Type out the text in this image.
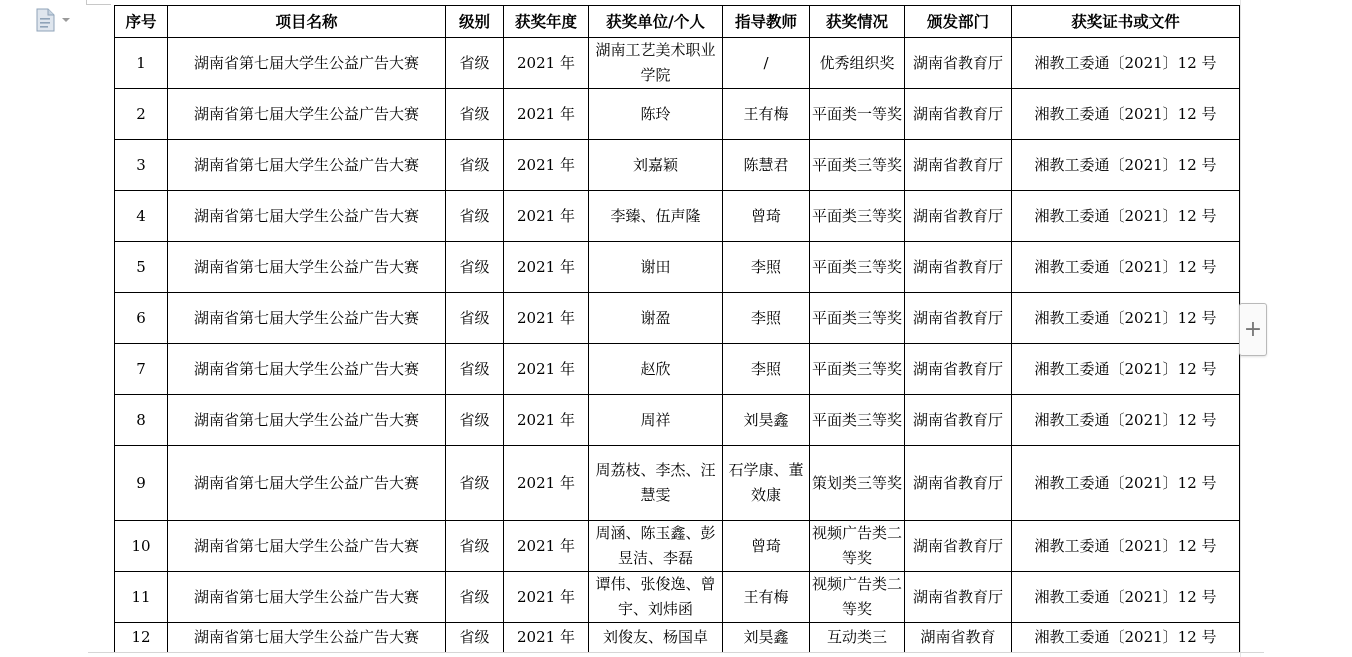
序号	项目名称	级别	获奖年度	获奖单位/个人	指导教师	获奖情况	颁发部门	获奖证书或文件
1	湖南省第七届大学生公益广告大赛	省级	2021 年	湖南工艺美术职业学院	/	优秀组织奖	湖南省教育厅	湘教工委通〔2021〕12 号
2	湖南省第七届大学生公益广告大赛	省级	2021 年	陈玲	王有梅	平面类一等奖	湖南省教育厅	湘教工委通〔2021〕12 号
3	湖南省第七届大学生公益广告大赛	省级	2021 年	刘嘉颖	陈慧君	平面类三等奖	湖南省教育厅	湘教工委通〔2021〕12 号
4	湖南省第七届大学生公益广告大赛	省级	2021 年	李臻、伍声隆	曾琦	平面类三等奖	湖南省教育厅	湘教工委通〔2021〕12 号
5	湖南省第七届大学生公益广告大赛	省级	2021 年	谢田	李照	平面类三等奖	湖南省教育厅	湘教工委通〔2021〕12 号
6	湖南省第七届大学生公益广告大赛	省级	2021 年	谢盈	李照	平面类三等奖	湖南省教育厅	湘教工委通〔2021〕12 号
7	湖南省第七届大学生公益广告大赛	省级	2021 年	赵欣	李照	平面类三等奖	湖南省教育厅	湘教工委通〔2021〕12 号
8	湖南省第七届大学生公益广告大赛	省级	2021 年	周祥	刘昊鑫	平面类三等奖	湖南省教育厅	湘教工委通〔2021〕12 号
9	湖南省第七届大学生公益广告大赛	省级	2021 年	周荔枝、李杰、汪慧雯	石学康、董效康	策划类三等奖	湖南省教育厅	湘教工委通〔2021〕12 号
10	湖南省第七届大学生公益广告大赛	省级	2021 年	周涵、陈玉鑫、彭昱洁、李磊	曾琦	视频广告类二等奖	湖南省教育厅	湘教工委通〔2021〕12 号
11	湖南省第七届大学生公益广告大赛	省级	2021 年	谭伟、张俊逸、曾宇、刘炜函	王有梅	视频广告类二等奖	湖南省教育厅	湘教工委通〔2021〕12 号
12	湖南省第七届大学生公益广告大赛	省级	2021 年	刘俊友、杨国卓	刘昊鑫	互动类三	湖南省教育	湘教工委通〔2021〕12 号
+
